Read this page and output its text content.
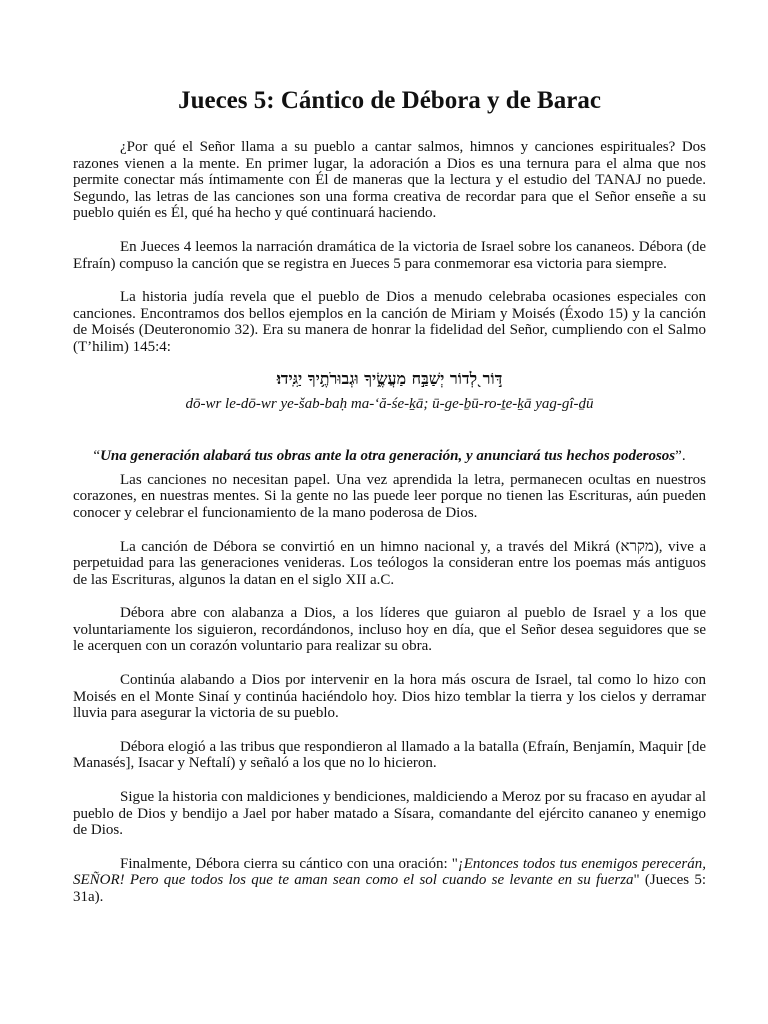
Jueces 5: Cántico de Débora y de Barac

¿Por qué el Señor llama a su pueblo a cantar salmos, himnos y canciones espirituales? Dos razones vienen a la mente. En primer lugar, la adoración a Dios es una ternura para el alma que nos permite conectar más íntimamente con Él de maneras que la lectura y el estudio del TANAJ no puede. Segundo, las letras de las canciones son una forma creativa de recordar para que el Señor enseñe a su pueblo quién es Él, qué ha hecho y qué continuará haciendo.

En Jueces 4 leemos la narración dramática de la victoria de Israel sobre los cananeos. Débora (de Efraín) compuso la canción que se registra en Jueces 5 para conmemorar esa victoria para siempre.

La historia judía revela que el pueblo de Dios a menudo celebraba ocasiones especiales con canciones. Encontramos dos bellos ejemplos en la canción de Miriam y Moisés (Éxodo 15) y la canción de Moisés (Deuteronomio 32). Era su manera de honrar la fidelidad del Señor, cumpliendo con el Salmo (T’hilim) 145:4:

דּ֣וֹר לְ֭דוֹר יְשַׁבַּ֣ח מַעֲשֶׂ֑יךָ וּגְבוּרֹתֶ֥יךָ יַגִּֽידוּ׃
dō-wr le-dō-wr ye-šab-baḥ ma-‘ă-śe-ḵā; ū-ge-ḇū-ro-ṯe-ḵā yag-gî-ḏū

“Una generación alabará tus obras ante la otra generación, y anunciará tus hechos poderosos”.

Las canciones no necesitan papel. Una vez aprendida la letra, permanecen ocultas en nuestros corazones, en nuestras mentes. Si la gente no las puede leer porque no tienen las Escrituras, aún pueden conocer y celebrar el funcionamiento de la mano poderosa de Dios.

La canción de Débora se convirtió en un himno nacional y, a través del Mikrá (מקרא), vive a perpetuidad para las generaciones venideras. Los teólogos la consideran entre los poemas más antiguos de las Escrituras, algunos la datan en el siglo XII a.C.

Débora abre con alabanza a Dios, a los líderes que guiaron al pueblo de Israel y a los que voluntariamente los siguieron, recordándonos, incluso hoy en día, que el Señor desea seguidores que se le acerquen con un corazón voluntario para realizar su obra.

Continúa alabando a Dios por intervenir en la hora más oscura de Israel, tal como lo hizo con Moisés en el Monte Sinaí y continúa haciéndolo hoy. Dios hizo temblar la tierra y los cielos y derramar lluvia para asegurar la victoria de su pueblo.

Débora elogió a las tribus que respondieron al llamado a la batalla (Efraín, Benjamín, Maquir [de Manasés], Isacar y Neftalí) y señaló a los que no lo hicieron.

Sigue la historia con maldiciones y bendiciones, maldiciendo a Meroz por su fracaso en ayudar al pueblo de Dios y bendijo a Jael por haber matado a Sísara, comandante del ejército cananeo y enemigo de Dios.

Finalmente, Débora cierra su cántico con una oración: "¡Entonces todos tus enemigos perecerán, SEÑOR! Pero que todos los que te aman sean como el sol cuando se levante en su fuerza" (Jueces 5: 31a).
